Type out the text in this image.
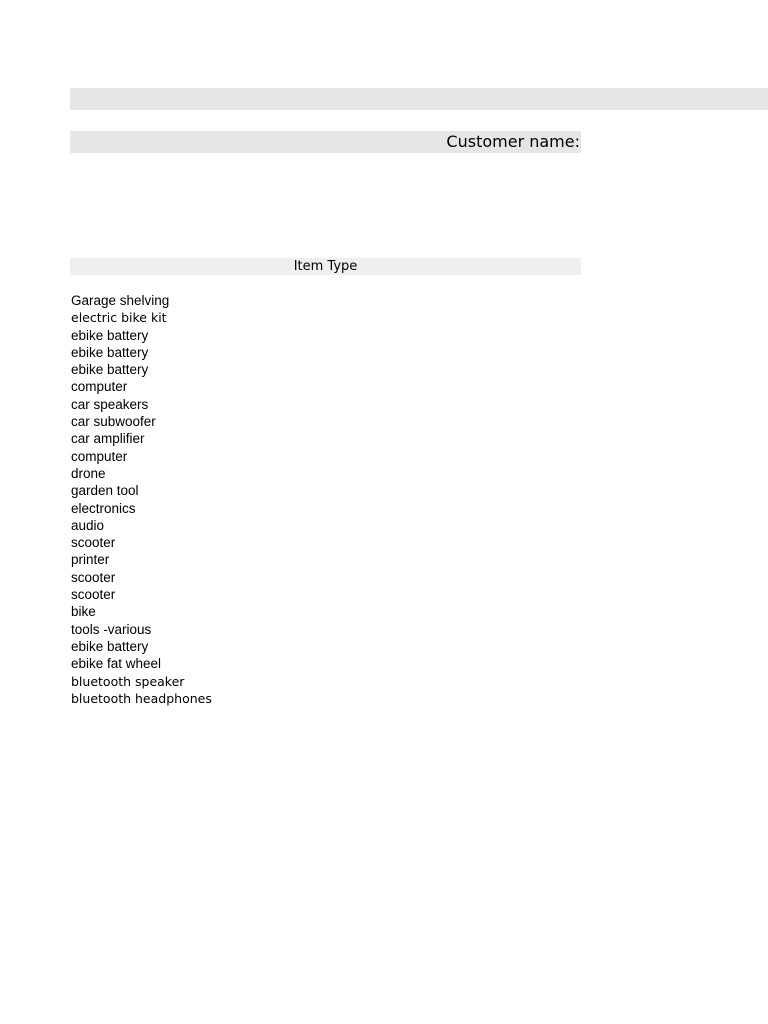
Customer name:
Item Type
Garage shelving
electric bike kit
ebike battery
ebike battery
ebike battery
computer
car speakers
car subwoofer
car amplifier
computer
drone
garden tool
electronics
audio
scooter
printer
scooter
scooter
bike
tools -various
ebike battery
ebike fat wheel
bluetooth speaker
bluetooth headphones
